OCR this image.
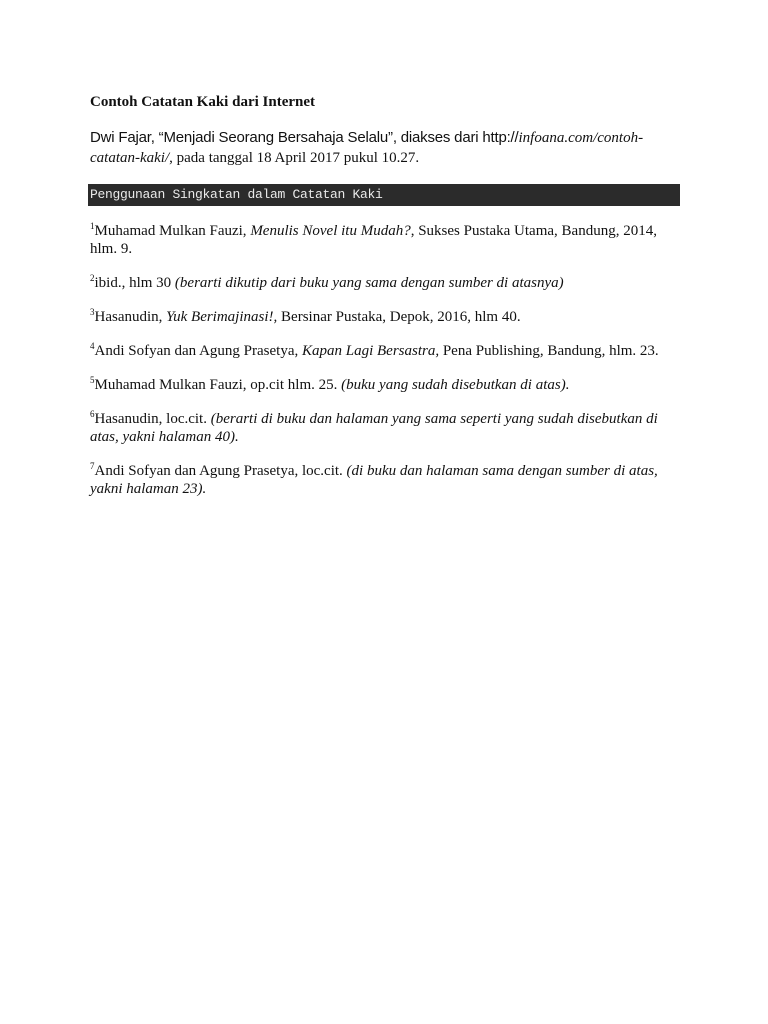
Contoh Catatan Kaki dari Internet
Dwi Fajar, “Menjadi Seorang Bersahaja Selalu”, diakses dari http://infoana.com/contoh-catatan-kaki/, pada tanggal 18 April 2017 pukul 10.27.
Penggunaan Singkatan dalam Catatan Kaki
$^1$Muhamad Mulkan Fauzi, Menulis Novel itu Mudah?, Sukses Pustaka Utama, Bandung, 2014, hlm. 9.
$^2$ibid., hlm 30 (berarti dikutip dari buku yang sama dengan sumber di atasnya)
$^3$Hasanudin, Yuk Berimajinasi!, Bersinar Pustaka, Depok, 2016, hlm 40.
$^4$Andi Sofyan dan Agung Prasetya, Kapan Lagi Bersastra, Pena Publishing, Bandung, hlm. 23.
$^5$Muhamad Mulkan Fauzi, op.cit hlm. 25. (buku yang sudah disebutkan di atas).
$^6$Hasanudin, loc.cit. (berarti di buku dan halaman yang sama seperti yang sudah disebutkan di atas, yakni halaman 40).
$^7$Andi Sofyan dan Agung Prasetya, loc.cit. (di buku dan halaman sama dengan sumber di atas, yakni halaman 23).
